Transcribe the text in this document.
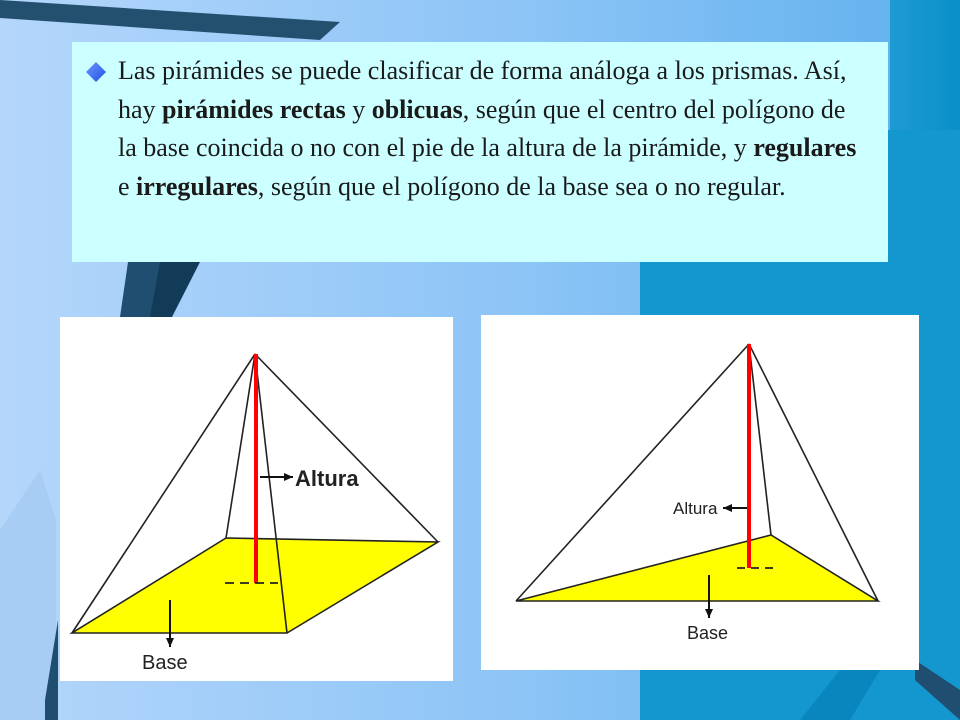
Las pirámides se puede clasificar de forma análoga a los prismas. Así, hay pirámides rectas y oblicuas, según que el centro del polígono de la base coincida o no con el pie de la altura de la pirámide, y regulares e irregulares, según que el polígono de la base sea o no regular.

Altura
Base
Altura
Base
